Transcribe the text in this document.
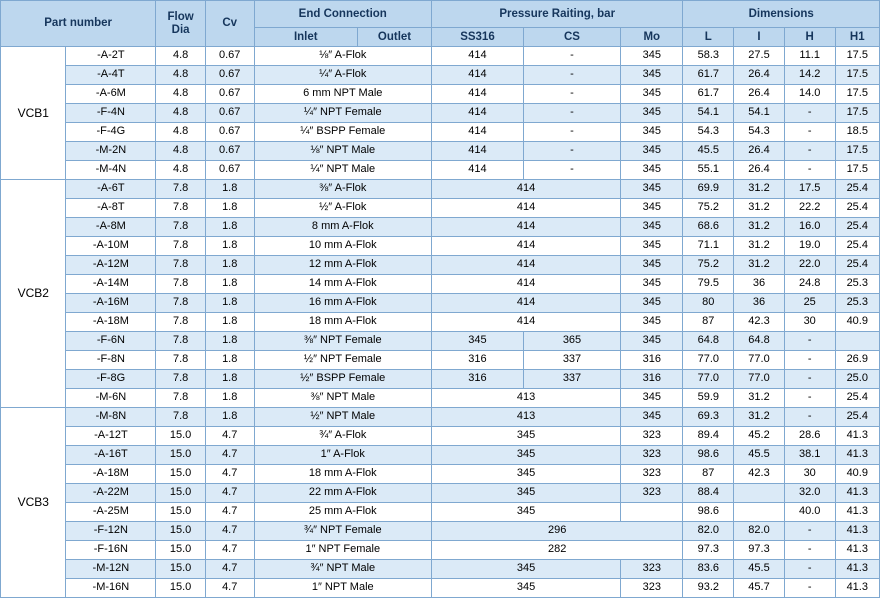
Part number		Flow
Dia	Cv	End Connection		Pressure Raiting, bar			Dimensions			
				Inlet	Outlet	SS316	CS	Mo	L	I	H	H1
VCB1	-A-2T	4.8	0.67	⅛″ A-Flok		414	-	345	58.3	27.5	11.1	17.5
	-A-4T	4.8	0.67	¼″ A-Flok		414	-	345	61.7	26.4	14.2	17.5
	-A-6M	4.8	0.67	6 mm NPT Male		414	-	345	61.7	26.4	14.0	17.5
	-F-4N	4.8	0.67	¼″ NPT Female		414	-	345	54.1	54.1	-	17.5
	-F-4G	4.8	0.67	¼″ BSPP Female		414	-	345	54.3	54.3	-	18.5
	-M-2N	4.8	0.67	⅛″ NPT Male		414	-	345	45.5	26.4	-	17.5
	-M-4N	4.8	0.67	¼″ NPT Male		414	-	345	55.1	26.4	-	17.5
VCB2	-A-6T	7.8	1.8	⅜″ A-Flok		414		345	69.9	31.2	17.5	25.4
	-A-8T	7.8	1.8	½″ A-Flok		414		345	75.2	31.2	22.2	25.4
	-A-8M	7.8	1.8	8 mm A-Flok		414		345	68.6	31.2	16.0	25.4
	-A-10M	7.8	1.8	10 mm A-Flok		414		345	71.1	31.2	19.0	25.4
	-A-12M	7.8	1.8	12 mm A-Flok		414		345	75.2	31.2	22.0	25.4
	-A-14M	7.8	1.8	14 mm A-Flok		414		345	79.5	36	24.8	25.3
	-A-16M	7.8	1.8	16 mm A-Flok		414		345	80	36	25	25.3
	-A-18M	7.8	1.8	18 mm A-Flok		414		345	87	42.3	30	40.9
	-F-6N	7.8	1.8	⅜″ NPT Female		345	365	345	64.8	64.8	-	
	-F-8N	7.8	1.8	½″ NPT Female		316	337	316	77.0	77.0	-	26.9
	-F-8G	7.8	1.8	½″ BSPP Female		316	337	316	77.0	77.0	-	25.0
	-M-6N	7.8	1.8	⅜″ NPT Male		413		345	59.9	31.2	-	25.4
VCB3	-M-8N	7.8	1.8	½″ NPT Male		413		345	69.3	31.2	-	25.4
	-A-12T	15.0	4.7	¾″ A-Flok		345		323	89.4	45.2	28.6	41.3
	-A-16T	15.0	4.7	1″ A-Flok		345		323	98.6	45.5	38.1	41.3
	-A-18M	15.0	4.7	18 mm A-Flok		345		323	87	42.3	30	40.9
	-A-22M	15.0	4.7	22 mm A-Flok		345		323	88.4		32.0	41.3
	-A-25M	15.0	4.7	25 mm A-Flok		345			98.6		40.0	41.3
	-F-12N	15.0	4.7	¾″ NPT Female		296			82.0	82.0	-	41.3
	-F-16N	15.0	4.7	1″ NPT Female		282			97.3	97.3	-	41.3
	-M-12N	15.0	4.7	¾″ NPT Male		345		323	83.6	45.5	-	41.3
	-M-16N	15.0	4.7	1″ NPT Male		345		323	93.2	45.7	-	41.3
